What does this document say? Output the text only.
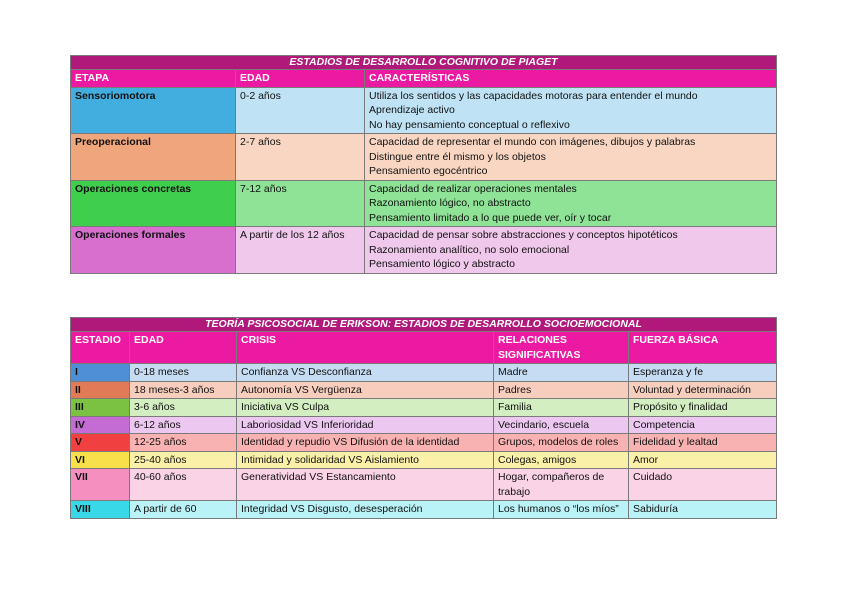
ESTADIOS DE DESARROLLO COGNITIVO DE PIAGET		
ETAPA	EDAD	CARACTERÍSTICAS
Sensoriomotora	0-2 años	Utiliza los sentidos y las capacidades motoras para entender el mundo
Aprendizaje activo
No hay pensamiento conceptual o reflexivo

Preoperacional	2-7 años	Capacidad de representar el mundo con imágenes, dibujos y palabras
Distingue entre él mismo y los objetos
Pensamiento egocéntrico

Operaciones concretas	7-12 años	Capacidad de realizar operaciones mentales
Razonamiento lógico, no abstracto
Pensamiento limitado a lo que puede ver, oír y tocar

Operaciones formales	A partir de los 12 años	Capacidad de pensar sobre abstracciones y conceptos hipotéticos
Razonamiento analítico, no solo emocional
Pensamiento lógico y abstracto
TEORÍA PSICOSOCIAL DE ERIKSON: ESTADIOS DE DESARROLLO SOCIOEMOCIONAL				
ESTADIO	EDAD	CRISIS	RELACIONES SIGNIFICATIVAS	FUERZA BÁSICA
I	0-18 meses	Confianza VS Desconfianza	Madre	Esperanza y fe
II	18 meses-3 años	Autonomía VS Vergüenza	Padres	Voluntad y determinación
III	3-6 años	Iniciativa VS Culpa	Familia	Propósito y finalidad
IV	6-12 años	Laboriosidad VS Inferioridad	Vecindario, escuela	Competencia
V	12-25 años	Identidad y repudio VS Difusión de la identidad	Grupos, modelos de roles	Fidelidad y lealtad
VI	25-40 años	Intimidad y solidaridad VS Aislamiento	Colegas, amigos	Amor
VII	40-60 años	Generatividad VS Estancamiento	Hogar, compañeros de trabajo	Cuidado
VIII	A partir de 60	Integridad VS Disgusto, desesperación	Los humanos o “los míos”	Sabiduría
